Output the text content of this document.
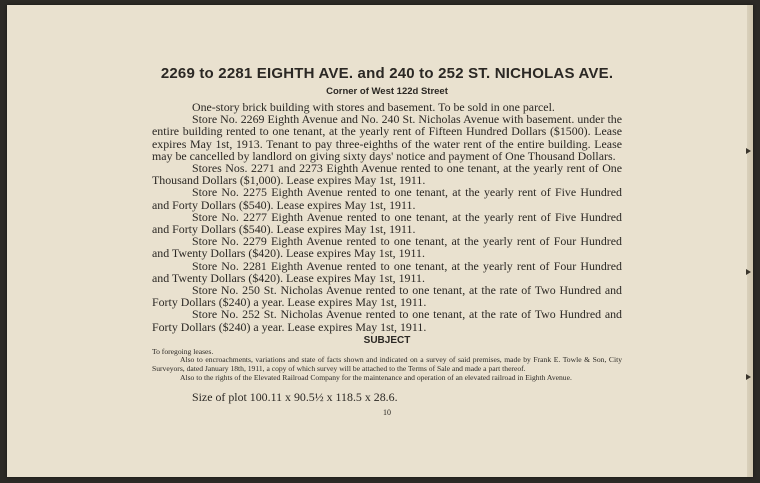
2269 to 2281 EIGHTH AVE. and 240 to 252 ST. NICHOLAS AVE.
Corner of West 122d Street

One-story brick building with stores and basement. To be sold in one parcel.

Store No. 2269 Eighth Avenue and No. 240 St. Nicholas Avenue with basement. under the entire building rented to one tenant, at the yearly rent of Fifteen Hundred Dollars ($1500). Lease expires May 1st, 1913. Tenant to pay three-eighths of the water rent of the entire building. Lease may be cancelled by landlord on giving sixty days' notice and payment of One Thousand Dollars.

Stores Nos. 2271 and 2273 Eighth Avenue rented to one tenant, at the yearly rent of One Thousand Dollars ($1,000). Lease expires May 1st, 1911.

Store No. 2275 Eighth Avenue rented to one tenant, at the yearly rent of Five Hundred and Forty Dollars ($540). Lease expires May 1st, 1911.

Store No. 2277 Eighth Avenue rented to one tenant, at the yearly rent of Five Hundred and Forty Dollars ($540). Lease expires May 1st, 1911.

Store No. 2279 Eighth Avenue rented to one tenant, at the yearly rent of Four Hundred and Twenty Dollars ($420). Lease expires May 1st, 1911.

Store No. 2281 Eighth Avenue rented to one tenant, at the yearly rent of Four Hundred and Twenty Dollars ($420). Lease expires May 1st, 1911.

Store No. 250 St. Nicholas Avenue rented to one tenant, at the rate of Two Hundred and Forty Dollars ($240) a year. Lease expires May 1st, 1911.

Store No. 252 St. Nicholas Avenue rented to one tenant, at the rate of Two Hundred and Forty Dollars ($240) a year. Lease expires May 1st, 1911.

SUBJECT

To foregoing leases.

Also to encroachments, variations and state of facts shown and indicated on a survey of said premises, made by Frank E. Towle & Son, City Surveyors, dated January 18th, 1911, a copy of which survey will be attached to the Terms of Sale and made a part thereof.

Also to the rights of the Elevated Railroad Company for the maintenance and operation of an elevated railroad in Eighth Avenue.

Size of plot 100.11 x 90.5½ x 118.5 x 28.6.
10
